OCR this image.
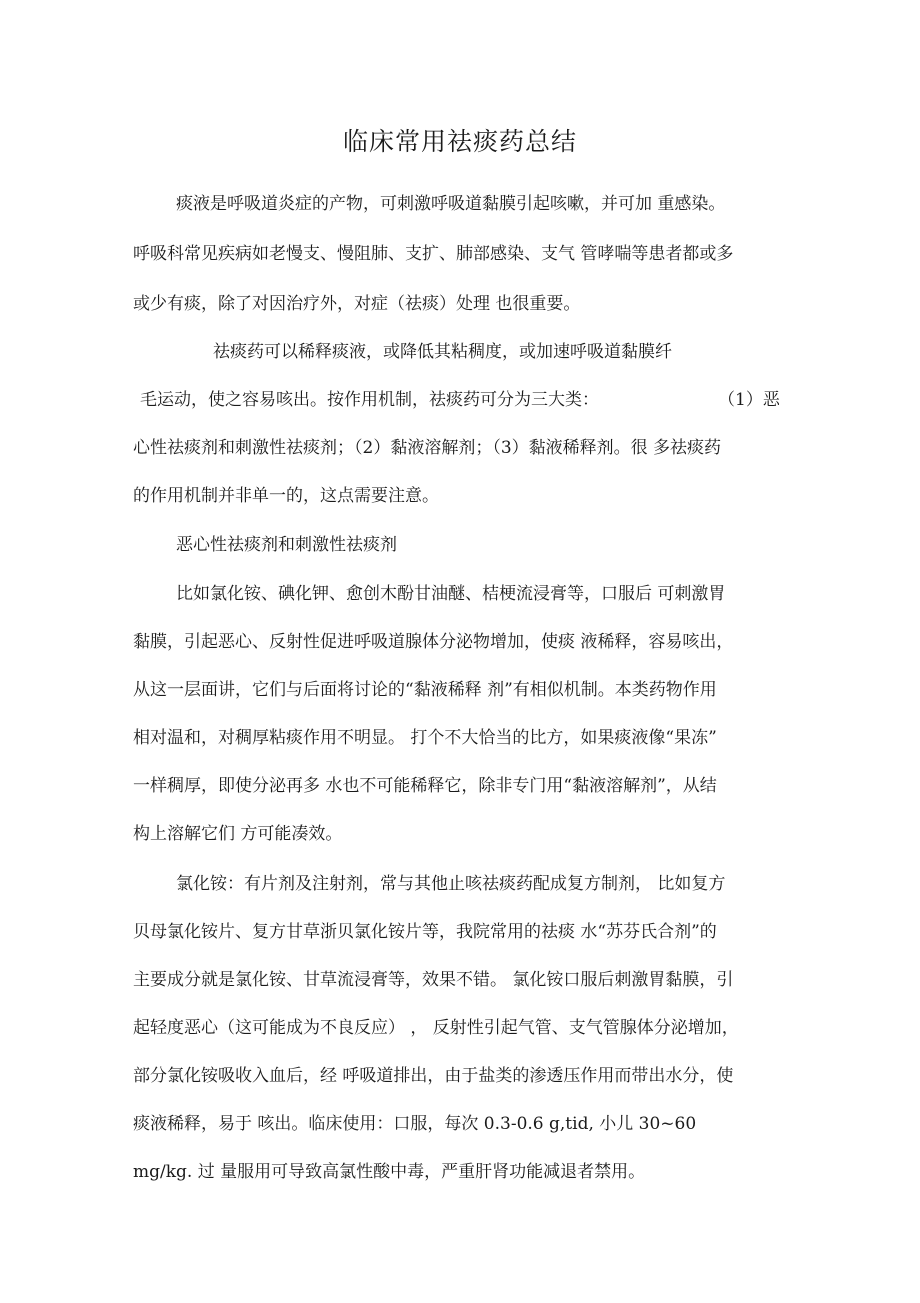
临床常用祛痰药总结
痰液是呼吸道炎症的产物，可刺激呼吸道黏膜引起咳嗽，并可加 重感染。
呼吸科常见疾病如老慢支、慢阻肺、支扩、肺部感染、支气 管哮喘等患者都或多
或少有痰，除了对因治疗外，对症（祛痰）处理 也很重要。
祛痰药可以稀释痰液，或降低其粘稠度，或加速呼吸道黏膜纤
毛运动，使之容易咳出。按作用机制，祛痰药可分为三大类：	（1）恶
心性祛痰剂和刺激性祛痰剂；（2）黏液溶解剂；（3）黏液稀释剂。很 多祛痰药
的作用机制并非单一的，这点需要注意。
恶心性祛痰剂和刺激性祛痰剂
比如氯化铵、碘化钾、愈创木酚甘油醚、桔梗流浸膏等，口服后 可刺激胃
黏膜，引起恶心、反射性促进呼吸道腺体分泌物增加，使痰 液稀释，容易咳出，
从这一层面讲，它们与后面将讨论的“黏液稀释 剂”有相似机制。本类药物作用
相对温和，对稠厚粘痰作用不明显。 打个不大恰当的比方，如果痰液像“果冻”
一样稠厚，即使分泌再多 水也不可能稀释它，除非专门用“黏液溶解剂”，从结
构上溶解它们 方可能凑效。
氯化铵：有片剂及注射剂，常与其他止咳祛痰药配成复方制剂， 比如复方
贝母氯化铵片、复方甘草浙贝氯化铵片等，我院常用的祛痰 水“苏芬氏合剂”的
主要成分就是氯化铵、甘草流浸膏等，效果不错。 氯化铵口服后刺激胃黏膜，引
起轻度恶心（这可能成为不良反应） ， 反射性引起气管、支气管腺体分泌增加，
部分氯化铵吸收入血后，经 呼吸道排出，由于盐类的渗透压作用而带出水分，使
痰液稀释，易于 咳出。临床使用：口服，每次 0.3-0.6 g,tid, 小儿 30~60
mg/kg. 过 量服用可导致高氯性酸中毒，严重肝肾功能减退者禁用。
